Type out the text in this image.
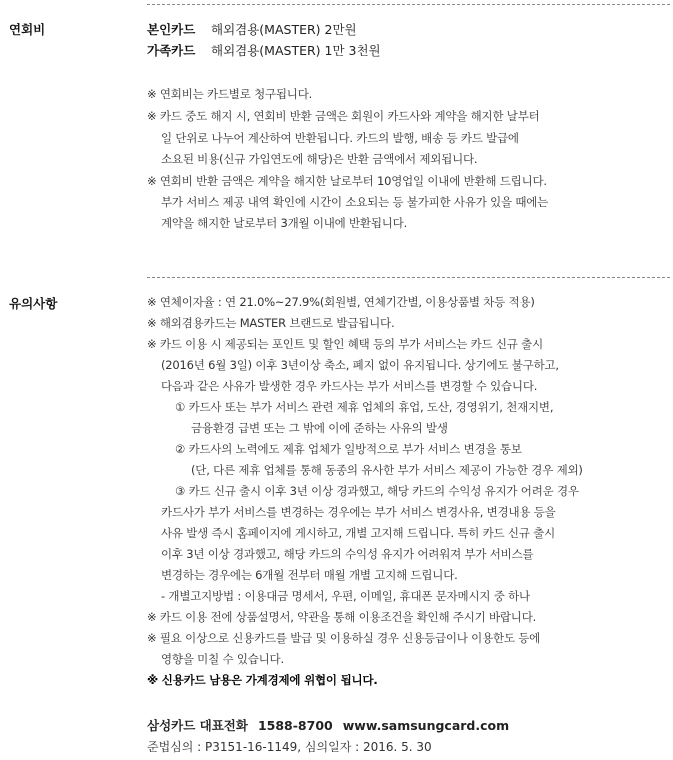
연회비	본인카드 해외겸용(MASTER) 2만원
가족카드 해외겸용(MASTER) 1만 3천원
※ 연회비는 카드별로 청구됩니다.
※ 카드 중도 해지 시, 연회비 반환 금액은 회원이 카드사와 계약을 해지한 날부터
일 단위로 나누어 계산하여 반환됩니다. 카드의 발행, 배송 등 카드 발급에
소요된 비용(신규 가입연도에 해당)은 반환 금액에서 제외됩니다.
※ 연회비 반환 금액은 계약을 해지한 날로부터 10영업일 이내에 반환해 드립니다.
부가 서비스 제공 내역 확인에 시간이 소요되는 등 불가피한 사유가 있을 때에는
계약을 해지한 날로부터 3개월 이내에 반환됩니다.
유의사항	※ 연체이자율 : 연 21.0%~27.9%(회원별, 연체기간별, 이용상품별 차등 적용)
※ 해외겸용카드는 MASTER 브랜드로 발급됩니다.
※ 카드 이용 시 제공되는 포인트 및 할인 혜택 등의 부가 서비스는 카드 신규 출시
(2016년 6월 3일) 이후 3년이상 축소, 폐지 없이 유지됩니다. 상기에도 불구하고,
다음과 같은 사유가 발생한 경우 카드사는 부가 서비스를 변경할 수 있습니다.
① 카드사 또는 부가 서비스 관련 제휴 업체의 휴업, 도산, 경영위기, 천재지변,
금융환경 급변 또는 그 밖에 이에 준하는 사유의 발생
② 카드사의 노력에도 제휴 업체가 일방적으로 부가 서비스 변경을 통보
(단, 다른 제휴 업체를 통해 동종의 유사한 부가 서비스 제공이 가능한 경우 제외)
③ 카드 신규 출시 이후 3년 이상 경과했고, 해당 카드의 수익성 유지가 어려운 경우
카드사가 부가 서비스를 변경하는 경우에는 부가 서비스 변경사유, 변경내용 등을
사유 발생 즉시 홈페이지에 게시하고, 개별 고지해 드립니다. 특히 카드 신규 출시
이후 3년 이상 경과했고, 해당 카드의 수익성 유지가 어려워져 부가 서비스를
변경하는 경우에는 6개월 전부터 매월 개별 고지해 드립니다.
- 개별고지방법 : 이용대금 명세서, 우편, 이메일, 휴대폰 문자메시지 중 하나
※ 카드 이용 전에 상품설명서, 약관을 통해 이용조건을 확인해 주시기 바랍니다.
※ 필요 이상으로 신용카드를 발급 및 이용하실 경우 신용등급이나 이용한도 등에
영향을 미칠 수 있습니다.
※ 신용카드 남용은 가계경제에 위협이 됩니다.
삼성카드 대표전화 1588-8700 www.samsungcard.com
준법심의 : P3151-16-1149, 심의일자 : 2016. 5. 30
